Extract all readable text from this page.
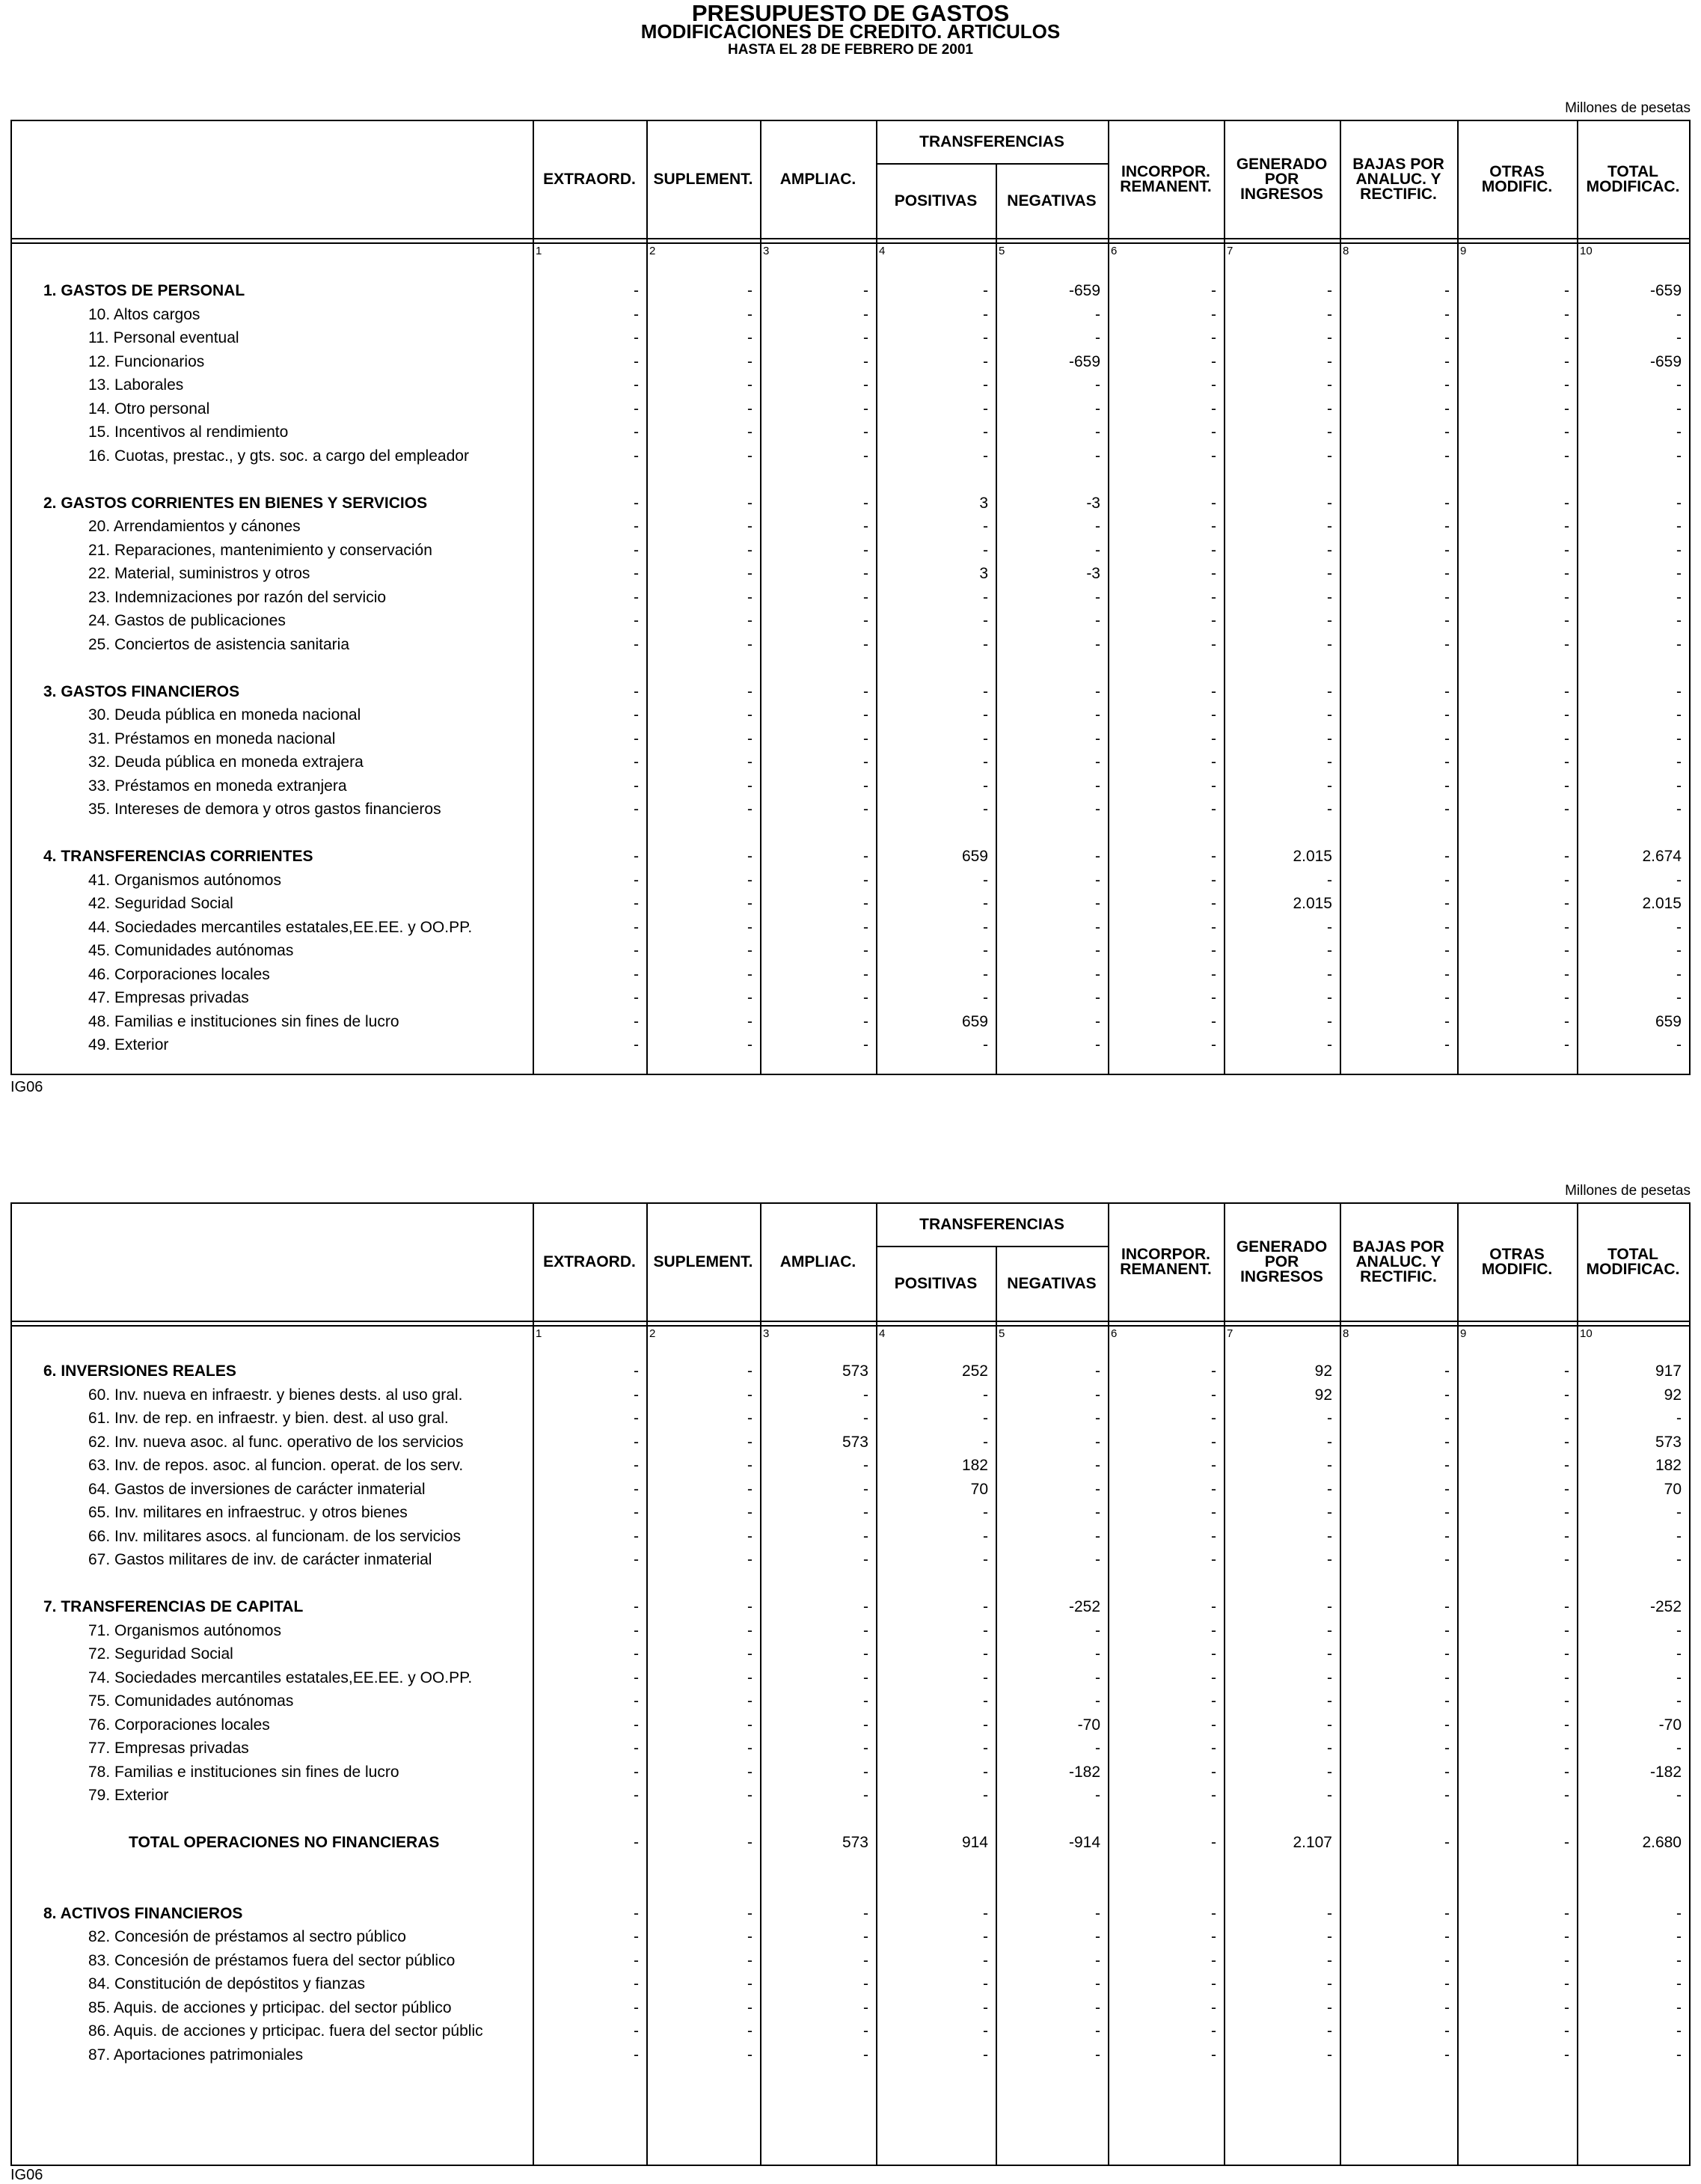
PRESUPUESTO DE GASTOS
MODIFICACIONES DE CREDITO. ARTICULOS
HASTA EL 28 DE FEBRERO DE 2001
Millones de pesetas
EXTRAORD.
1
SUPLEMENT.
2
AMPLIAC.
3
POSITIVAS
4
NEGATIVAS
5
INCORPOR.
REMANENT.
6
GENERADO
POR
INGRESOS
7
BAJAS POR
ANALUC. Y
RECTIFIC.
8
OTRAS
MODIFIC.
9
TOTAL
MODIFICAC.
10
TRANSFERENCIAS
1. GASTOS DE PERSONAL	-	-	-	-	-659	-	-	-	-	-659
10. Altos cargos	-	-	-	-	-	-	-	-	-	-
11. Personal eventual	-	-	-	-	-	-	-	-	-	-
12. Funcionarios	-	-	-	-	-659	-	-	-	-	-659
13. Laborales	-	-	-	-	-	-	-	-	-	-
14. Otro personal	-	-	-	-	-	-	-	-	-	-
15. Incentivos al rendimiento	-	-	-	-	-	-	-	-	-	-
16. Cuotas, prestac., y gts. soc. a cargo del empleador	-	-	-	-	-	-	-	-	-	-
2. GASTOS CORRIENTES EN BIENES Y SERVICIOS	-	-	-	3	-3	-	-	-	-	-
20. Arrendamientos y cánones	-	-	-	-	-	-	-	-	-	-
21. Reparaciones, mantenimiento y conservación	-	-	-	-	-	-	-	-	-	-
22. Material, suministros y otros	-	-	-	3	-3	-	-	-	-	-
23. Indemnizaciones por razón del servicio	-	-	-	-	-	-	-	-	-	-
24. Gastos de publicaciones	-	-	-	-	-	-	-	-	-	-
25. Conciertos de asistencia sanitaria	-	-	-	-	-	-	-	-	-	-
3. GASTOS FINANCIEROS	-	-	-	-	-	-	-	-	-	-
30. Deuda pública en moneda nacional	-	-	-	-	-	-	-	-	-	-
31. Préstamos en moneda nacional	-	-	-	-	-	-	-	-	-	-
32. Deuda pública en moneda extrajera	-	-	-	-	-	-	-	-	-	-
33. Préstamos en moneda extranjera	-	-	-	-	-	-	-	-	-	-
35. Intereses de demora y otros gastos financieros	-	-	-	-	-	-	-	-	-	-
4. TRANSFERENCIAS CORRIENTES	-	-	-	659	-	-	2.015	-	-	2.674
41. Organismos autónomos	-	-	-	-	-	-	-	-	-	-
42. Seguridad Social	-	-	-	-	-	-	2.015	-	-	2.015
44. Sociedades mercantiles estatales,EE.EE. y OO.PP.	-	-	-	-	-	-	-	-	-	-
45. Comunidades autónomas	-	-	-	-	-	-	-	-	-	-
46. Corporaciones locales	-	-	-	-	-	-	-	-	-	-
47. Empresas privadas	-	-	-	-	-	-	-	-	-	-
48. Familias e instituciones sin fines de lucro	-	-	-	659	-	-	-	-	-	659
49. Exterior	-	-	-	-	-	-	-	-	-	-
IG06
Millones de pesetas
EXTRAORD.
1
SUPLEMENT.
2
AMPLIAC.
3
POSITIVAS
4
NEGATIVAS
5
INCORPOR.
REMANENT.
6
GENERADO
POR
INGRESOS
7
BAJAS POR
ANALUC. Y
RECTIFIC.
8
OTRAS
MODIFIC.
9
TOTAL
MODIFICAC.
10
TRANSFERENCIAS
6. INVERSIONES REALES	-	-	573	252	-	-	92	-	-	917
60. Inv. nueva en infraestr. y bienes dests. al uso gral.	-	-	-	-	-	-	92	-	-	92
61. Inv. de rep. en infraestr. y bien. dest. al uso gral.	-	-	-	-	-	-	-	-	-	-
62. Inv. nueva asoc. al func. operativo de los servicios	-	-	573	-	-	-	-	-	-	573
63. Inv. de repos. asoc. al funcion. operat. de los serv.	-	-	-	182	-	-	-	-	-	182
64. Gastos de inversiones de carácter inmaterial	-	-	-	70	-	-	-	-	-	70
65. Inv. militares en infraestruc. y otros bienes	-	-	-	-	-	-	-	-	-	-
66. Inv. militares asocs. al funcionam. de los servicios	-	-	-	-	-	-	-	-	-	-
67. Gastos militares de inv. de carácter inmaterial	-	-	-	-	-	-	-	-	-	-
7. TRANSFERENCIAS DE CAPITAL	-	-	-	-	-252	-	-	-	-	-252
71. Organismos autónomos	-	-	-	-	-	-	-	-	-	-
72. Seguridad Social	-	-	-	-	-	-	-	-	-	-
74. Sociedades mercantiles estatales,EE.EE. y OO.PP.	-	-	-	-	-	-	-	-	-	-
75. Comunidades autónomas	-	-	-	-	-	-	-	-	-	-
76. Corporaciones locales	-	-	-	-	-70	-	-	-	-	-70
77. Empresas privadas	-	-	-	-	-	-	-	-	-	-
78. Familias e instituciones sin fines de lucro	-	-	-	-	-182	-	-	-	-	-182
79. Exterior	-	-	-	-	-	-	-	-	-	-
TOTAL OPERACIONES NO FINANCIERAS	-	-	573	914	-914	-	2.107	-	-	2.680
8. ACTIVOS FINANCIEROS	-	-	-	-	-	-	-	-	-	-
82. Concesión de préstamos al sectro público	-	-	-	-	-	-	-	-	-	-
83. Concesión de préstamos fuera del sector público	-	-	-	-	-	-	-	-	-	-
84. Constitución de depóstitos y fianzas	-	-	-	-	-	-	-	-	-	-
85. Aquis. de acciones y prticipac. del sector público	-	-	-	-	-	-	-	-	-	-
86. Aquis. de acciones y prticipac. fuera del sector públic	-	-	-	-	-	-	-	-	-	-
87. Aportaciones patrimoniales	-	-	-	-	-	-	-	-	-	-
IG06
